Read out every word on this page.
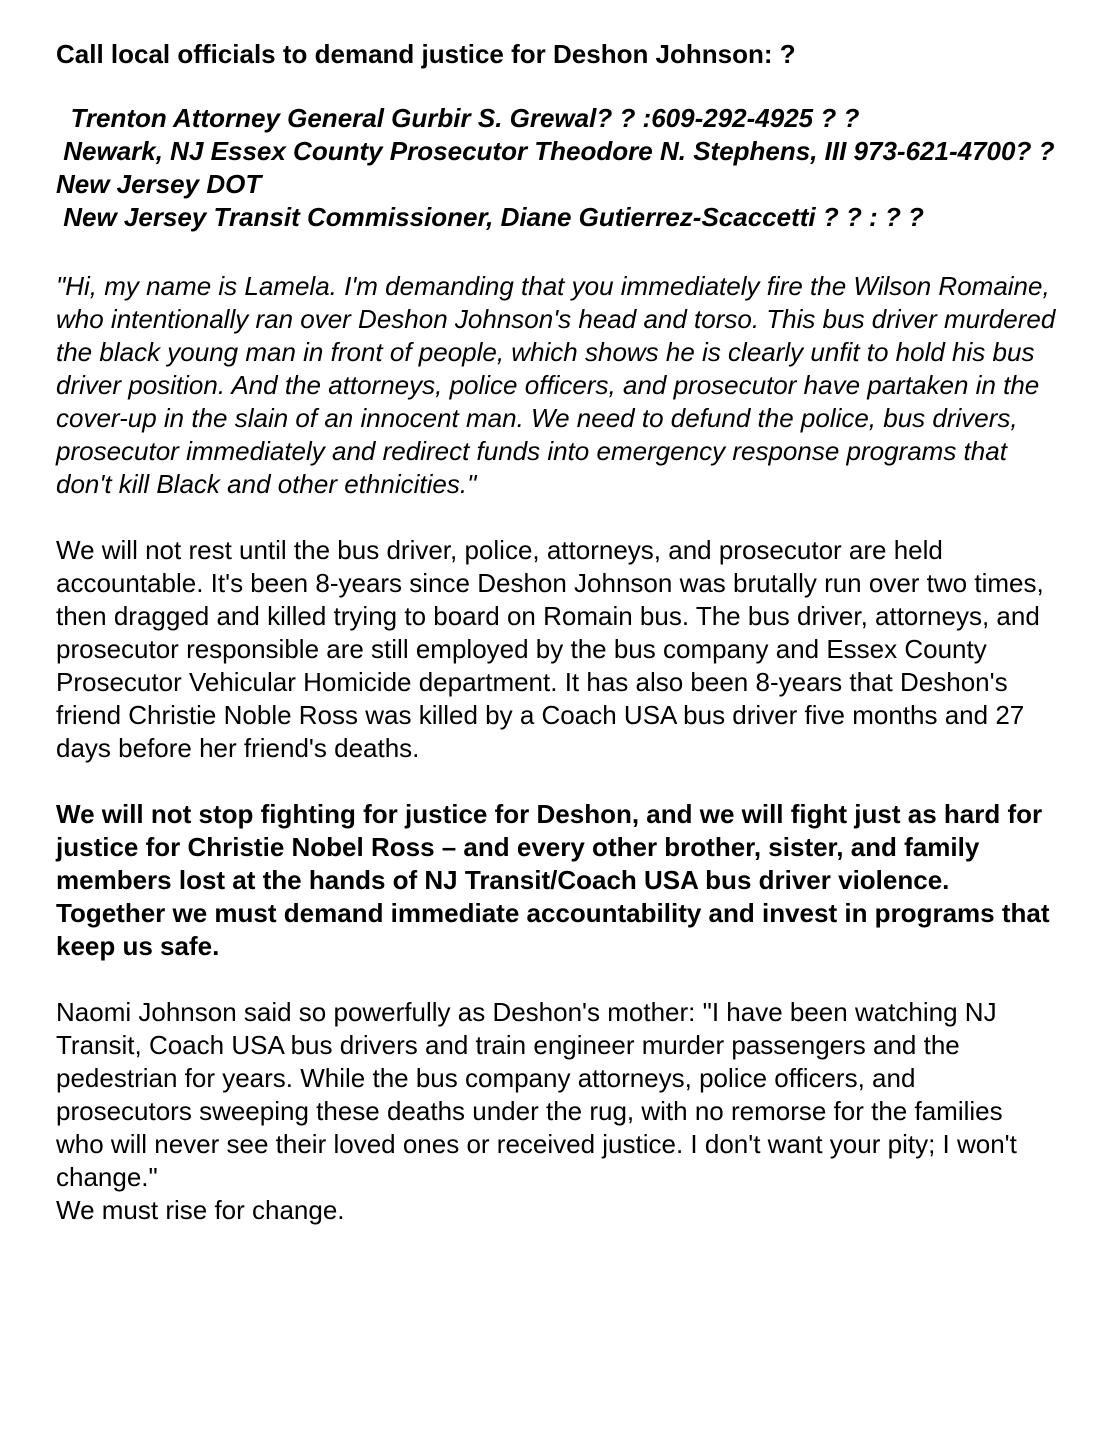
Call local officials to demand justice for Deshon Johnson: ?
Trenton Attorney General Gurbir S. Grewal? ? :609-292-4925 ? ?
Newark, NJ Essex County Prosecutor Theodore N. Stephens, III 973-621-4700? ?
New Jersey DOT
New Jersey Transit Commissioner, Diane Gutierrez-Scaccetti ? ? : ? ?

"Hi, my name is Lamela. I'm demanding that you immediately fire the Wilson Romaine, who intentionally ran over Deshon Johnson's head and torso. This bus driver murdered the black young man in front of people, which shows he is clearly unfit to hold his bus driver position. And the attorneys, police officers, and prosecutor have partaken in the cover-up in the slain of an innocent man. We need to defund the police, bus drivers, prosecutor immediately and redirect funds into emergency response programs that don't kill Black and other ethnicities."

We will not rest until the bus driver, police, attorneys, and prosecutor are held accountable. It's been 8-years since Deshon Johnson was brutally run over two times, then dragged and killed trying to board on Romain bus. The bus driver, attorneys, and prosecutor responsible are still employed by the bus company and Essex County Prosecutor Vehicular Homicide department. It has also been 8-years that Deshon's friend Christie Noble Ross was killed by a Coach USA bus driver five months and 27 days before her friend's deaths.

We will not stop fighting for justice for Deshon, and we will fight just as hard for justice for Christie Nobel Ross – and every other brother, sister, and family members lost at the hands of NJ Transit/Coach USA bus driver violence. Together we must demand immediate accountability and invest in programs that keep us safe.

Naomi Johnson said so powerfully as Deshon's mother: "I have been watching NJ Transit, Coach USA bus drivers and train engineer murder passengers and the pedestrian for years. While the bus company attorneys, police officers, and prosecutors sweeping these deaths under the rug, with no remorse for the families who will never see their loved ones or received justice. I don't want your pity; I won't change."

We must rise for change.
